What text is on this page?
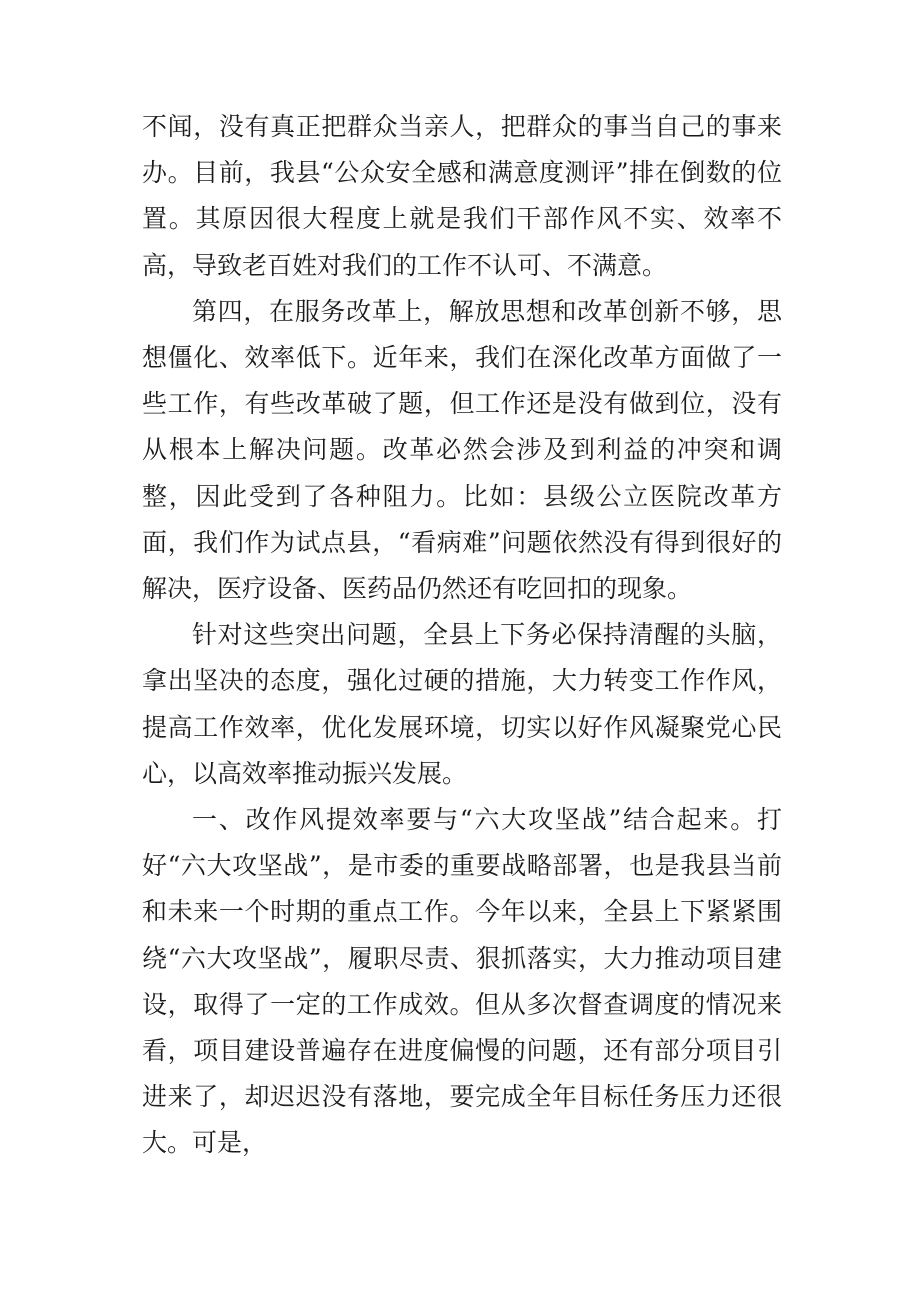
不闻，没有真正把群众当亲人，把群众的事当自己的事来办。目前，我县“公众安全感和满意度测评”排在倒数的位置。其原因很大程度上就是我们干部作风不实、效率不高，导致老百姓对我们的工作不认可、不满意。

第四，在服务改革上，解放思想和改革创新不够，思想僵化、效率低下。近年来，我们在深化改革方面做了一些工作，有些改革破了题，但工作还是没有做到位，没有从根本上解决问题。改革必然会涉及到利益的冲突和调整，因此受到了各种阻力。比如：县级公立医院改革方面，我们作为试点县，“看病难”问题依然没有得到很好的解决，医疗设备、医药品仍然还有吃回扣的现象。

针对这些突出问题，全县上下务必保持清醒的头脑，拿出坚决的态度，强化过硬的措施，大力转变工作作风，提高工作效率，优化发展环境，切实以好作风凝聚党心民心，以高效率推动振兴发展。

一、改作风提效率要与“六大攻坚战”结合起来。打好“六大攻坚战”，是市委的重要战略部署，也是我县当前和未来一个时期的重点工作。今年以来，全县上下紧紧围绕“六大攻坚战”，履职尽责、狠抓落实，大力推动项目建设，取得了一定的工作成效。但从多次督查调度的情况来看，项目建设普遍存在进度偏慢的问题，还有部分项目引进来了，却迟迟没有落地，要完成全年目标任务压力还很大。可是，
